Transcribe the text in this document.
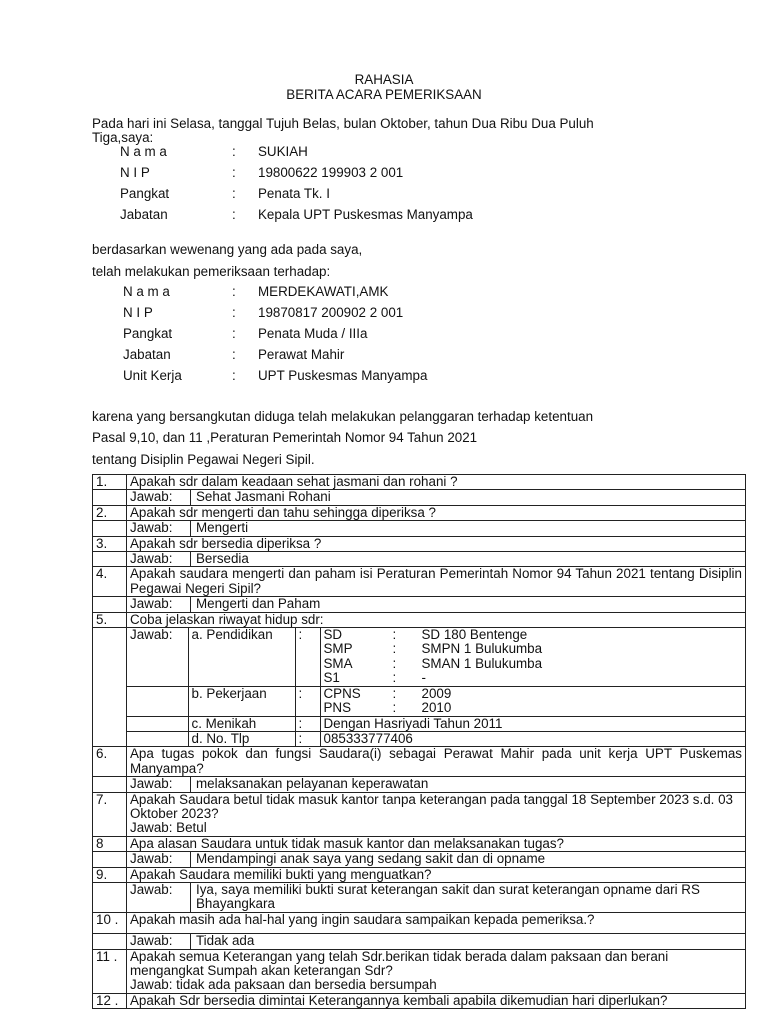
RAHASIA
BERITA ACARA PEMERIKSAAN
Pada hari ini Selasa, tanggal Tujuh Belas, bulan Oktober, tahun Dua Ribu Dua Puluh
Tiga,saya:
N a m a	: SUKIAH
N I P	: 19800622 199903 2 001
Pangkat	: Penata Tk. I
Jabatan	: Kepala UPT Puskesmas Manyampa
berdasarkan wewenang yang ada pada saya,
telah melakukan pemeriksaan terhadap:
N a m a	: MERDEKAWATI,AMK
N I P	: 19870817 200902 2 001
Pangkat	: Penata Muda / IIIa
Jabatan	: Perawat Mahir
Unit Kerja	: UPT Puskesmas Manyampa
karena yang bersangkutan diduga telah melakukan pelanggaran terhadap ketentuan
Pasal 9,10, dan 11 ,Peraturan Pemerintah Nomor 94 Tahun 2021
tentang Disiplin Pegawai Negeri Sipil.
1.	Apakah sdr dalam keadaan sehat jasmani dan rohani ?

Jawab:	Sehat Jasmani Rohani

2.	Apakah sdr mengerti dan tahu sehingga diperiksa ?

Jawab:	Mengerti

3.	Apakah sdr bersedia diperiksa ?

Jawab:	Bersedia

4.	Apakah saudara mengerti dan paham isi Peraturan Pemerintah Nomor 94 Tahun 2021 tentang Disiplin Pegawai Negeri Sipil?

Jawab:	Mengerti dan Paham

5.	Coba jelaskan riwayat hidup sdr:

Jawab:	a. Pendidikan	:	SD	:	SD 180 Bentenge
SMP	:	SMPN 1 Bulukumba
SMA	:	SMAN 1 Bulukumba
S1	:	-

	b. Pekerjaan	:	CPNS	:	2009
PNS	:	2010

	c. Menikah	:	Dengan Hasriyadi Tahun 2011
	d. No. Tlp	:	085333777406

6.	Apa tugas pokok dan fungsi Saudara(i) sebagai Perawat Mahir pada unit kerja UPT Puskemas Manyampa?

Jawab:	melaksanakan pelayanan keperawatan

7.	Apakah Saudara betul tidak masuk kantor tanpa keterangan pada tanggal 18 September 2023 s.d. 03 Oktober 2023?
Jawab: Betul

8	Apa alasan Saudara untuk tidak masuk kantor dan melaksanakan tugas?

Jawab:	Mendampingi anak saya yang sedang sakit dan di opname

9.	Apakah Saudara memiliki bukti yang menguatkan?

Jawab:	Iya, saya memiliki bukti surat keterangan sakit dan surat keterangan opname dari RS Bhayangkara

10 .	Apakah masih ada hal-hal yang ingin saudara sampaikan kepada pemeriksa.?

Jawab:	Tidak ada

11 .	Apakah semua Keterangan yang telah Sdr.berikan tidak berada dalam paksaan dan berani mengangkat Sumpah akan keterangan Sdr?
Jawab: tidak ada paksaan dan bersedia bersumpah

12 .	Apakah Sdr bersedia dimintai Keterangannya kembali apabila dikemudian hari diperlukan?
